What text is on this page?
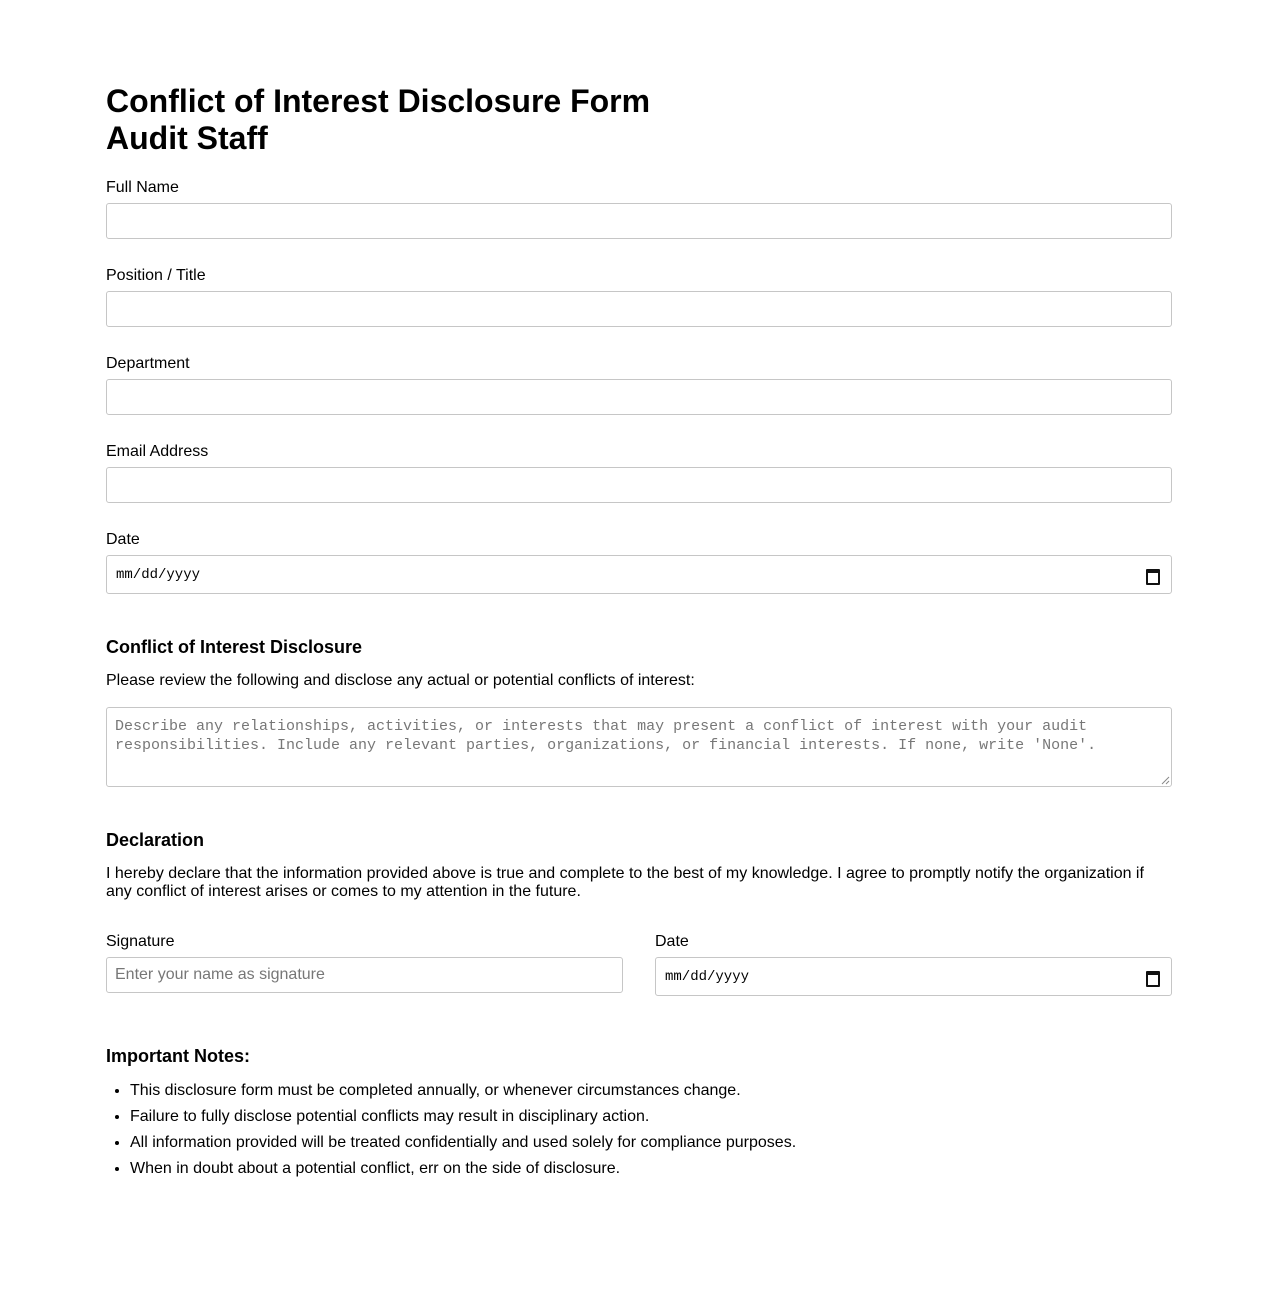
Conflict of Interest Disclosure Form
Audit Staff
Full Name
Position / Title
Department
Email Address
Date
mm/dd/yyyy
Conflict of Interest Disclosure

Please review the following and disclose any actual or potential conflicts of interest:

Describe any relationships, activities, or interests that may present a conflict of interest with your audit responsibilities. Include any relevant parties, organizations, or financial interests. If none, write 'None'.
Declaration

I hereby declare that the information provided above is true and complete to the best of my knowledge. I agree to promptly notify the organization if any conflict of interest arises or comes to my attention in the future.

Signature
Enter your name as signature
Date
mm/dd/yyyy
Important Notes:
• This disclosure form must be completed annually, or whenever circumstances change.
• Failure to fully disclose potential conflicts may result in disciplinary action.
• All information provided will be treated confidentially and used solely for compliance purposes.
• When in doubt about a potential conflict, err on the side of disclosure.
